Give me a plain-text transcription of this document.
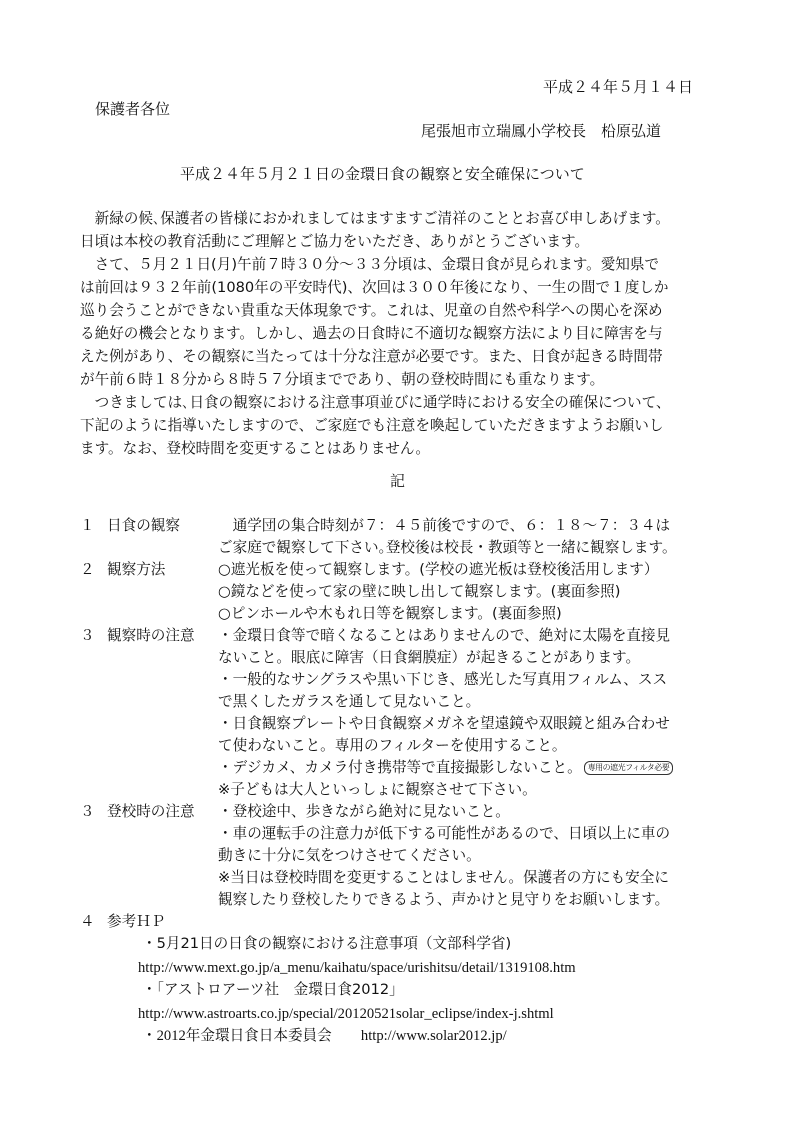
平成２４年５月１４日
保護者各位
尾張旭市立瑞鳳小学校長　柗原弘道
平成２４年５月２１日の金環日食の観察と安全確保について
　新緑の候､保護者の皆様におかれましてはますますご清祥のこととお喜び申しあげます。
日頃は本校の教育活動にご理解とご協力をいただき、ありがとうございます。
　さて、５月２１日(月)午前７時３０分～３３分頃は、金環日食が見られます。愛知県で
は前回は９３２年前(1080年の平安時代)、次回は３００年後になり、一生の間で１度しか
巡り会うことができない貴重な天体現象です。これは、児童の自然や科学への関心を深め
る絶好の機会となります。しかし、過去の日食時に不適切な観察方法により目に障害を与
えた例があり、その観察に当たっては十分な注意が必要です。また、日食が起きる時間帯
が午前６時１８分から８時５７分頃までであり、朝の登校時間にも重なります。
　つきましては､日食の観察における注意事項並びに通学時における安全の確保について、
下記のように指導いたしますので、ご家庭でも注意を喚起していただきますようお願いし
ます。なお、登校時間を変更することはありません。
記
１ 日食の観察	　通学団の集合時刻が７：４５前後ですので、６：１８～７：３４は
ご家庭で観察して下さい｡登校後は校長・教頭等と一緒に観察します。
２ 観察方法	○遮光板を使って観察します。(学校の遮光板は登校後活用します）
○鏡などを使って家の壁に映し出して観察します。(裏面参照)
○ピンホールや木もれ日等を観察します。(裏面参照)
３ 観察時の注意 ・金環日食等で暗くなることはありませんので、絶対に太陽を直接見
ないこと。眼底に障害（日食網膜症）が起きることがあります。
・一般的なサングラスや黒い下じき、感光した写真用フィルム、スス
で黒くしたガラスを通して見ないこと。
・日食観察プレートや日食観察メガネを望遠鏡や双眼鏡と組み合わせ
て使わないこと。専用のフィルターを使用すること。
・デジカメ、カメラ付き携帯等で直接撮影しないこと。 専用の遮光フィルタ必要
※子どもは大人といっしょに観察させて下さい。
３ 登校時の注意 ・登校途中、歩きながら絶対に見ないこと。
・車の運転手の注意力が低下する可能性があるので、日頃以上に車の
動きに十分に気をつけさせてください。
※当日は登校時間を変更することはしません。保護者の方にも安全に
観察したり登校したりできるよう、声かけと見守りをお願いします。
４ 参考ＨＰ
・5月21日の日食の観察における注意事項（文部科学省)
http://www.mext.go.jp/a_menu/kaihatu/space/urishitsu/detail/1319108.htm
・｢アストロアーツ社　金環日食2012」
http://www.astroarts.co.jp/special/20120521solar_eclipse/index-j.shtml
・2012年金環日食日本委員会　　http://www.solar2012.jp/
